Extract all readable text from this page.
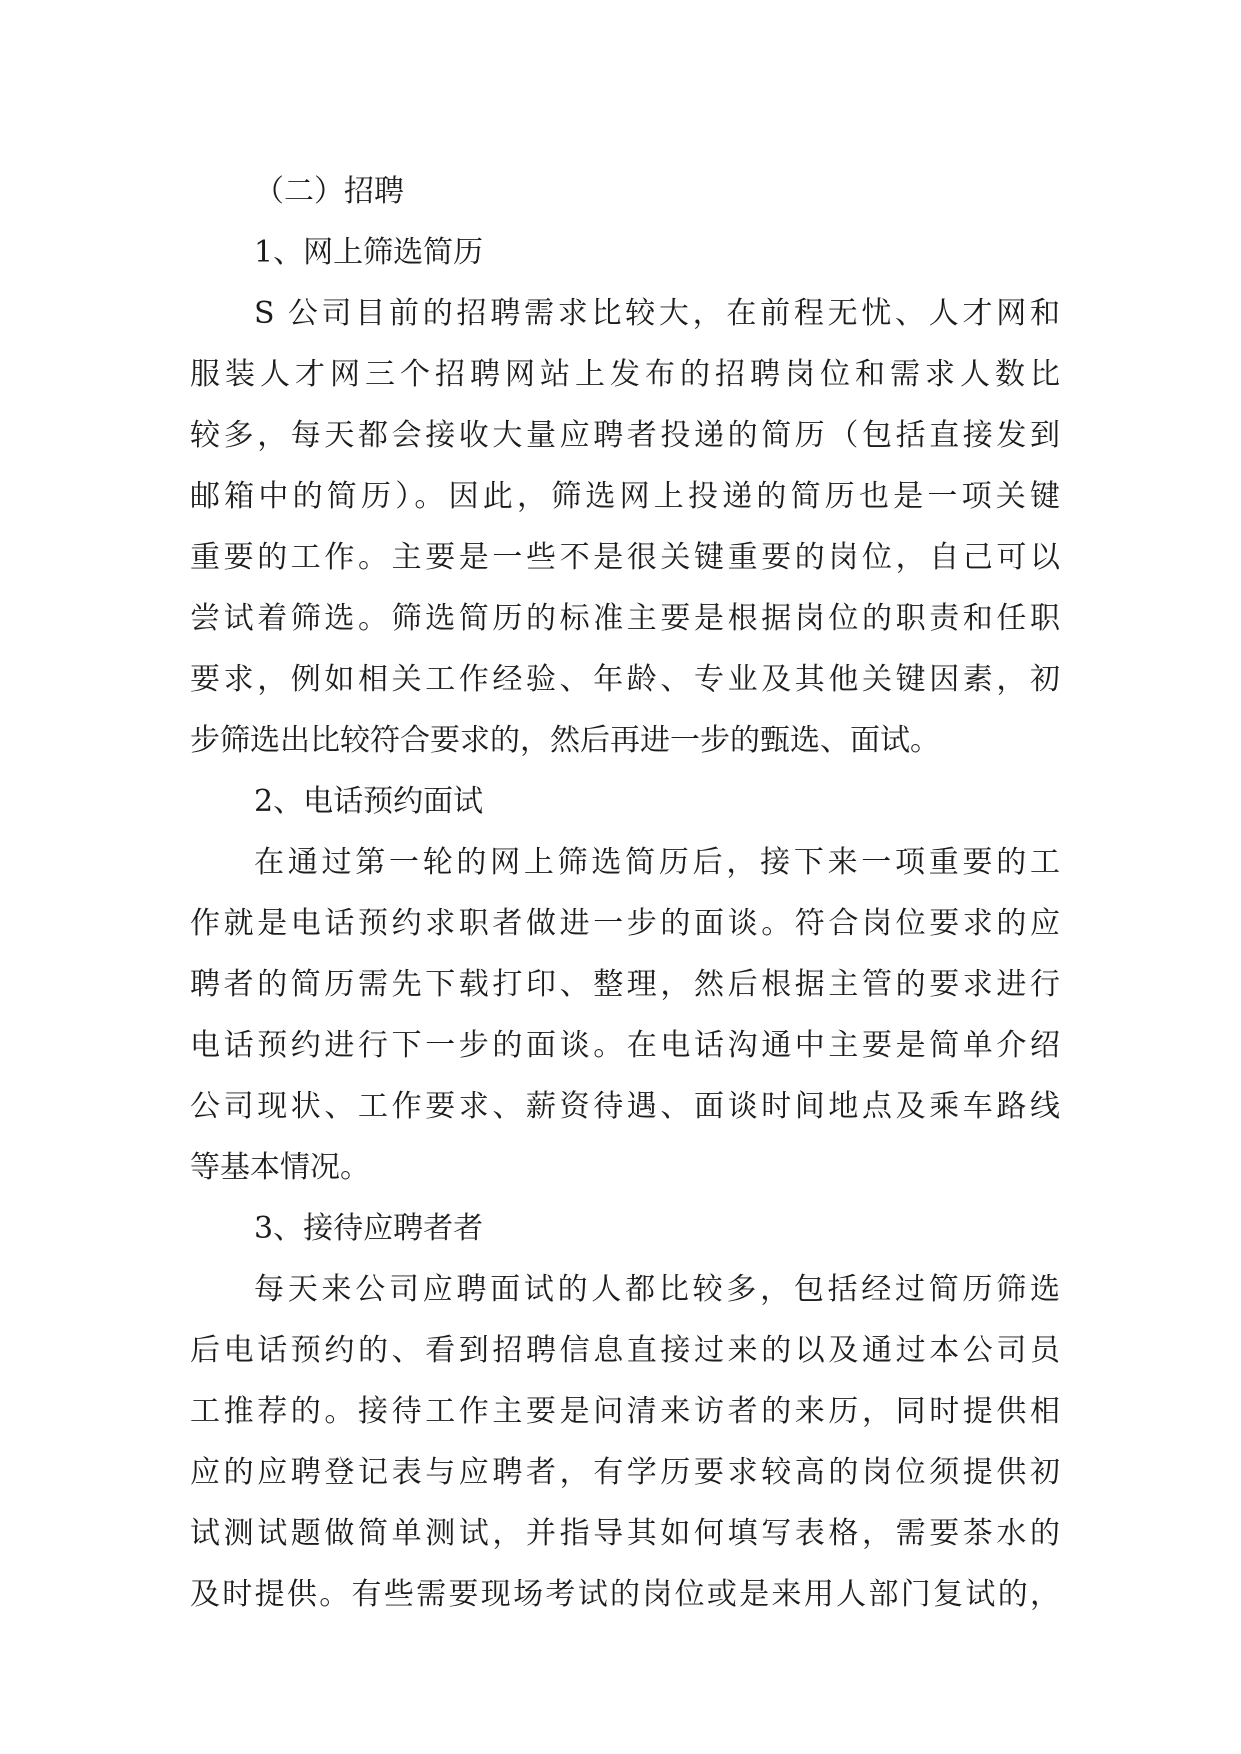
（二）招聘
1、网上筛选简历
S 公司目前的招聘需求比较大，在前程无忧、人才网和
服装人才网三个招聘网站上发布的招聘岗位和需求人数比
较多，每天都会接收大量应聘者投递的简历（包括直接发到
邮箱中的简历）。因此，筛选网上投递的简历也是一项关键
重要的工作。主要是一些不是很关键重要的岗位，自己可以
尝试着筛选。筛选简历的标准主要是根据岗位的职责和任职
要求，例如相关工作经验、年龄、专业及其他关键因素，初
步筛选出比较符合要求的，然后再进一步的甄选、面试。
2、电话预约面试
在通过第一轮的网上筛选简历后，接下来一项重要的工
作就是电话预约求职者做进一步的面谈。符合岗位要求的应
聘者的简历需先下载打印、整理，然后根据主管的要求进行
电话预约进行下一步的面谈。在电话沟通中主要是简单介绍
公司现状、工作要求、薪资待遇、面谈时间地点及乘车路线
等基本情况。
3、接待应聘者者
每天来公司应聘面试的人都比较多，包括经过简历筛选
后电话预约的、看到招聘信息直接过来的以及通过本公司员
工推荐的。接待工作主要是问清来访者的来历，同时提供相
应的应聘登记表与应聘者，有学历要求较高的岗位须提供初
试测试题做简单测试，并指导其如何填写表格，需要茶水的
及时提供。有些需要现场考试的岗位或是来用人部门复试的，
